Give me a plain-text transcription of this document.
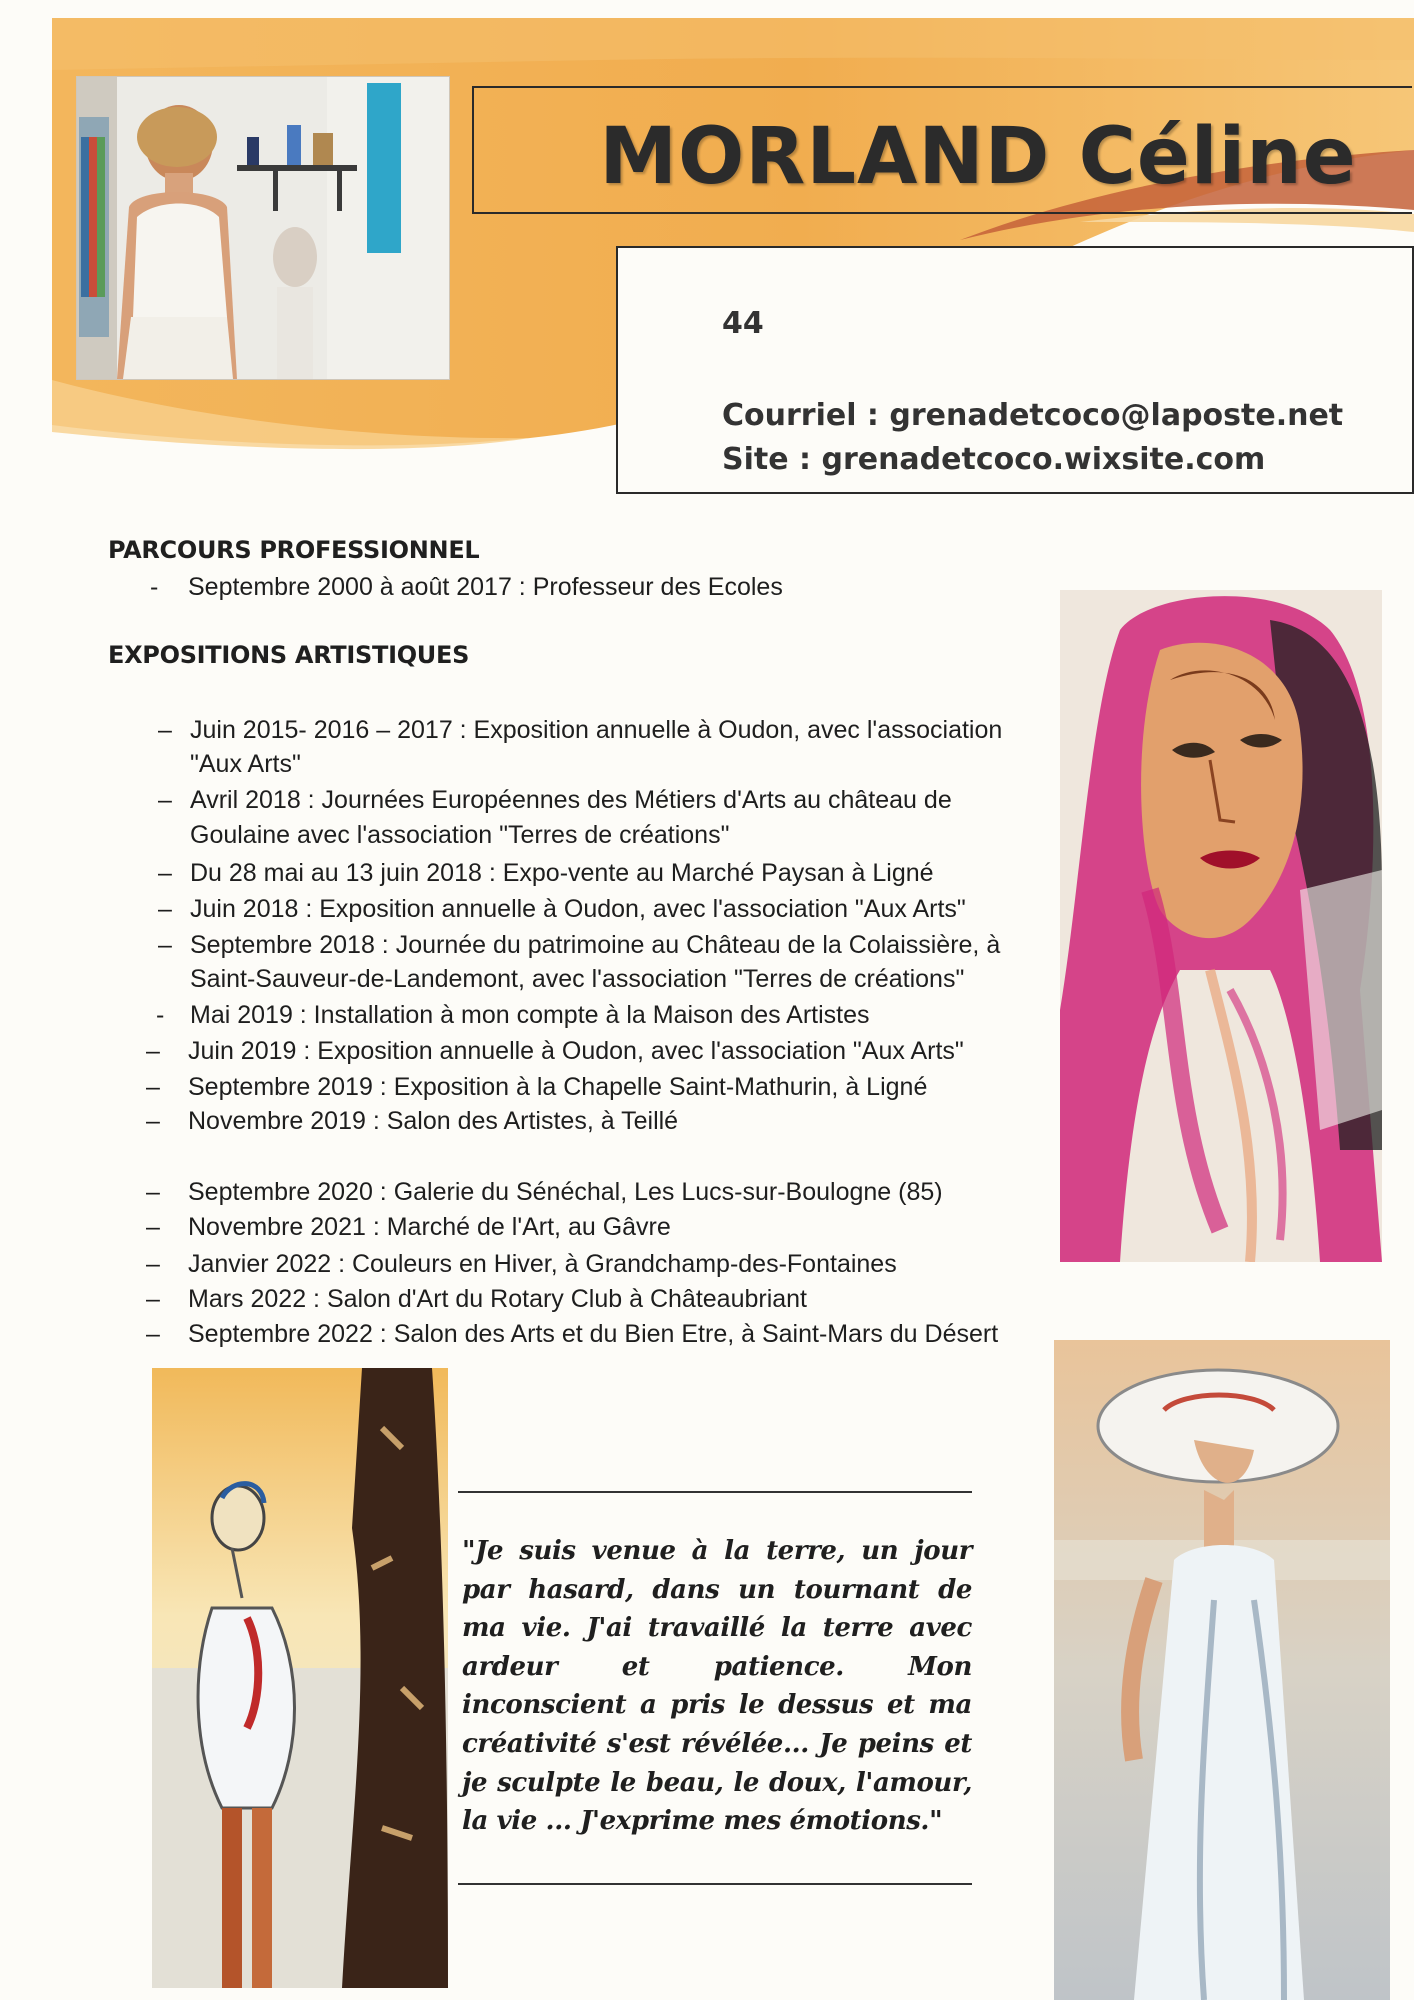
MORLAND Céline
44
Courriel : grenadetcoco@laposte.net
Site : grenadetcoco.wixsite.com
PARCOURS PROFESSIONNEL
- Septembre 2000 à août 2017 : Professeur des Ecoles
EXPOSITIONS ARTISTIQUES
– Juin 2015- 2016 – 2017 : Exposition annuelle à Oudon, avec l'association
"Aux Arts"
– Avril 2018 : Journées Européennes des Métiers d'Arts au château de
Goulaine avec l'association "Terres de créations"
– Du 28 mai au 13 juin 2018 : Expo-vente au Marché Paysan à Ligné
– Juin 2018 : Exposition annuelle à Oudon, avec l'association "Aux Arts"
– Septembre 2018 : Journée du patrimoine au Château de la Colaissière, à
Saint-Sauveur-de-Landemont, avec l'association "Terres de créations"
- Mai 2019 : Installation à mon compte à la Maison des Artistes
– Juin 2019 : Exposition annuelle à Oudon, avec l'association "Aux Arts"
– Septembre 2019 : Exposition à la Chapelle Saint-Mathurin, à Ligné
– Novembre 2019 : Salon des Artistes, à Teillé
– Septembre 2020 : Galerie du Sénéchal, Les Lucs-sur-Boulogne (85)
– Novembre 2021 : Marché de l'Art, au Gâvre
– Janvier 2022 : Couleurs en Hiver, à Grandchamp-des-Fontaines
– Mars 2022 : Salon d'Art du Rotary Club à Châteaubriant
– Septembre 2022 : Salon des Arts et du Bien Etre, à Saint-Mars du Désert
"Je suis venue à la terre, un jour par hasard, dans un tournant de ma vie. J'ai travaillé la terre avec ardeur et patience. Mon inconscient a pris le dessus et ma créativité s'est révélée... Je peins et je sculpte le beau, le doux, l'amour, la vie ... J'exprime mes émotions."
